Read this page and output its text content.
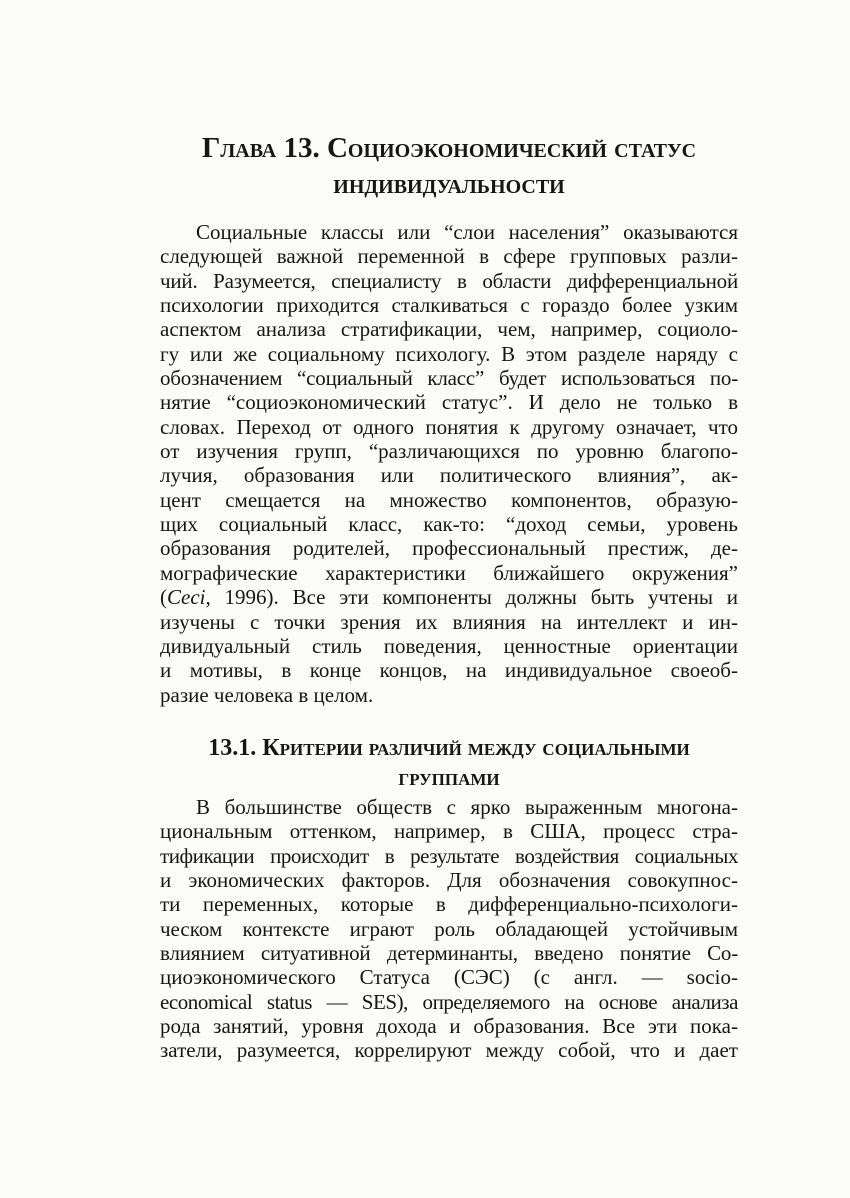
Глава 13. Социоэкономический статус
индивидуальности

Социальные классы или “слои населения” оказываются
следующей важной переменной в сфере групповых разли-
чий. Разумеется, специалисту в области дифференциальной
психологии приходится сталкиваться с гораздо более узким
аспектом анализа стратификации, чем, например, социоло-
гу или же социальному психологу. В этом разделе наряду с
обозначением “социальный класс” будет использоваться по-
нятие “социоэкономический статус”. И дело не только в
словах. Переход от одного понятия к другому означает, что
от изучения групп, “различающихся по уровню благопо-
лучия, образования или политического влияния”, ак-
цент смещается на множество компонентов, образую-
щих социальный класс, как-то: “доход семьи, уровень
образования родителей, профессиональный престиж, де-
мографические характеристики ближайшего окружения”
(Ceci, 1996). Все эти компоненты должны быть учтены и
изучены с точки зрения их влияния на интеллект и ин-
дивидуальный стиль поведения, ценностные ориентации
и мотивы, в конце концов, на индивидуальное своеоб-
разие человека в целом.

13.1. Критерии различий между социальными
группами

В большинстве обществ с ярко выраженным многона-
циональным оттенком, например, в США, процесс стра-
тификации происходит в результате воздействия социальных
и экономических факторов. Для обозначения совокупнос-
ти переменных, которые в дифференциально-психологи-
ческом контексте играют роль обладающей устойчивым
влиянием ситуативной детерминанты, введено понятие Со-
циоэкономического Статуса (СЭС) (с англ. — socio-
economical status — SES), определяемого на основе анализа
рода занятий, уровня дохода и образования. Все эти пока-
затели, разумеется, коррелируют между собой, что и дает
